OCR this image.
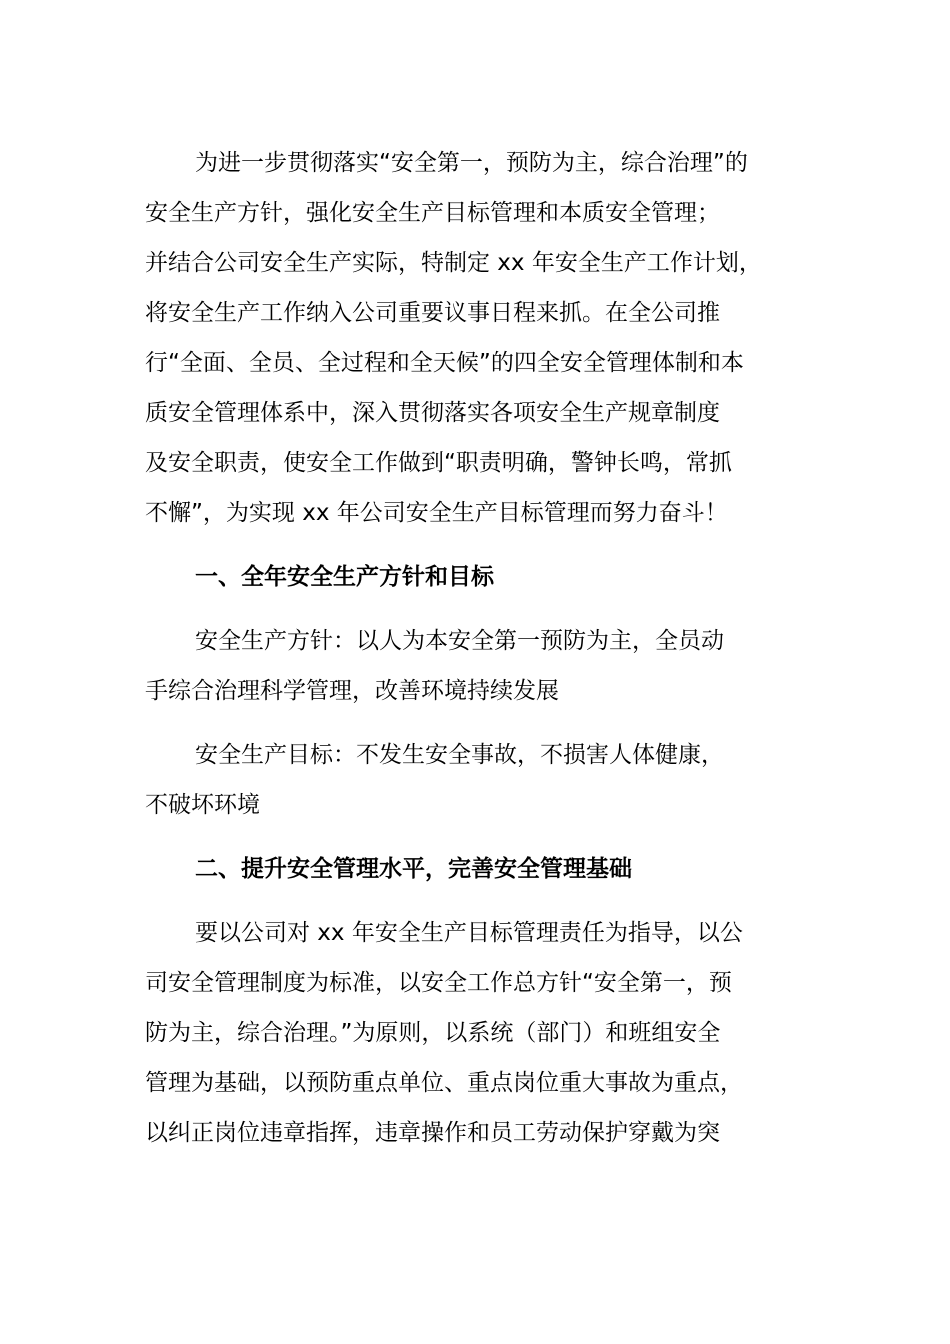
为进一步贯彻落实“安全第一，预防为主，综合治理”的
安全生产方针，强化安全生产目标管理和本质安全管理；
并结合公司安全生产实际，特制定 xx 年安全生产工作计划，
将安全生产工作纳入公司重要议事日程来抓。在全公司推
行“全面、全员、全过程和全天候”的四全安全管理体制和本
质安全管理体系中，深入贯彻落实各项安全生产规章制度
及安全职责，使安全工作做到“职责明确，警钟长鸣，常抓
不懈”，为实现 xx 年公司安全生产目标管理而努力奋斗！
一、全年安全生产方针和目标
安全生产方针：以人为本安全第一预防为主，全员动
手综合治理科学管理，改善环境持续发展
安全生产目标：不发生安全事故，不损害人体健康，
不破坏环境
二、提升安全管理水平，完善安全管理基础
要以公司对 xx 年安全生产目标管理责任为指导，以公
司安全管理制度为标准，以安全工作总方针“安全第一，预
防为主，综合治理。”为原则，以系统（部门）和班组安全
管理为基础，以预防重点单位、重点岗位重大事故为重点，
以纠正岗位违章指挥，违章操作和员工劳动保护穿戴为突
